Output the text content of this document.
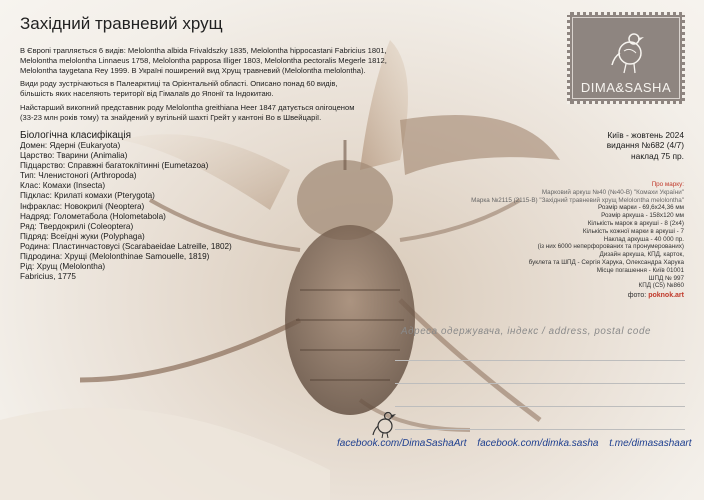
Західний травневий хрущ
В Європі трапляється 6 видів: Melolontha albida Frivaldszky 1835, Melolontha hippocastani Fabricius 1801,
Melolontha melolontha Linnaeus 1758, Melolontha papposa Illiger 1803, Melolontha pectoralis Megerle 1812,
Melolontha taygetana Rey 1999. В Україні поширений вид Хрущ травневий (Melolontha melolontha).
Види роду зустрічаються в Палеарктиці та Орієнтальній області. Описано понад 60 видів,
більшість яких населяють території від Гімалаїв до Японії та Індокитаю.
Найстарший викопний представник роду Melolontha greithiana Heer 1847 датується олігоценом
(33-23 млн років тому) та знайдений у вугільній шахті Грейт у кантоні Во в Швейцарії.
Біологічна класифікація
Домен: Ядерні (Eukaryota)
Царство: Тварини (Animalia)
Підцарство: Справжні багатоклітинні (Eumetazoa)
Тип: Членистоногі (Arthropoda)
Клас: Комахи (Insecta)
Підклас: Крилаті комахи (Pterygota)
Інфраклас: Новокрилі (Neoptera)
Надряд: Голометабола (Holometabola)
Ряд: Твердокрилі (Coleoptera)
Підряд: Всеїдні жуки (Polyphaga)
Родина: Пластинчастовусі (Scarabaeidae Latreille, 1802)
Підродина: Хрущі (Melolonthinae Samouelle, 1819)
Рід: Хрущ (Melolontha)
Fabricius, 1775
DIMA&SASHA
Київ - жовтень 2024
видання №682 (4/7)
наклад 75 пр.
Про марку:
Марковий аркуш №40 (№40-В) "Комахи України"
Марка №2115 (2115-В) "Західний травневий хрущ Melolontha melolontha"
Розмір марки - 69,6х24,36 мм
Розмір аркуша - 158х120 мм
Кількість марок в аркуші - 8 (2х4)
Кількість кожної марки в аркуші - 7
Наклад аркуша - 40 000 пр.
(із них 6000 неперфорованих та пронумерованих)
Дизайн аркуша, КПД, карток,
буклета та ШПД - Сергія Харука, Олександра Харука
Місце погашення - Київ 01001
ШПД № 997
КПД (С5) №860
фото: poknok.art
Адреса одержувача, індекс / address, postal code
facebook.com/DimaSashaArt facebook.com/dimka.sasha t.me/dimasashaart
